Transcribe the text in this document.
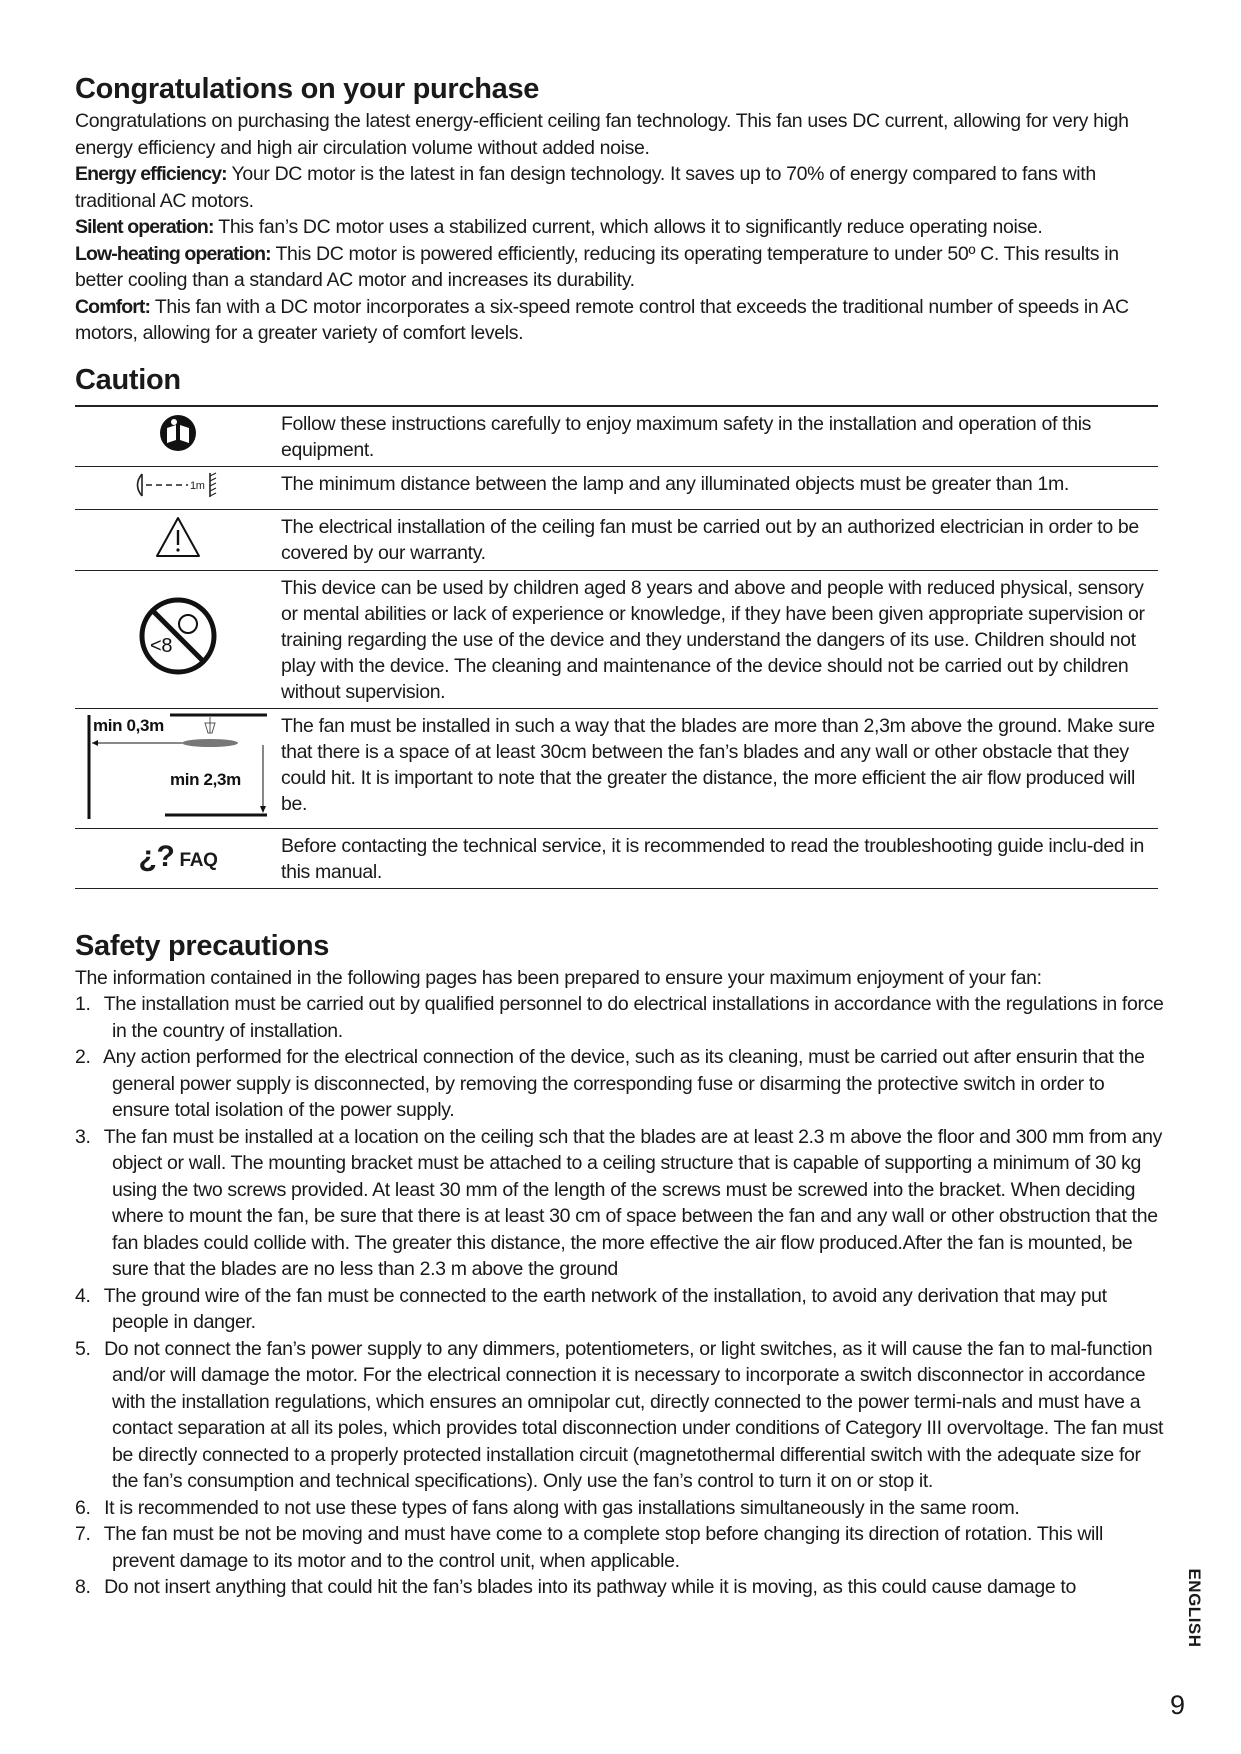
Congratulations on your purchase

Congratulations on purchasing the latest energy-efficient ceiling fan technology. This fan uses DC current, allowing for very high energy efficiency and high air circulation volume without added noise.

Energy efficiency: Your DC motor is the latest in fan design technology. It saves up to 70% of energy compared to fans with traditional AC motors.

Silent operation: This fan’s DC motor uses a stabilized current, which allows it to significantly reduce operating noise.

Low-heating operation: This DC motor is powered efficiently, reducing its operating temperature to under 50º C. This results in better cooling than a standard AC motor and increases its durability.

Comfort: This fan with a DC motor incorporates a six-speed remote control that exceeds the traditional number of speeds in AC motors, allowing for a greater variety of comfort levels.

Caution
	Follow these instructions carefully to enjoy maximum safety in the installation and operation of this equipment.

1m	The minimum distance between the lamp and any illuminated objects must be greater than 1m.
	The electrical installation of the ceiling fan must be carried out by an authorized electrician in order to be covered by our warranty.

<8	This device can be used by children aged 8 years and above and people with reduced physical, sensory or mental abilities or lack of experience or knowledge, if they have been given appropriate supervision or training regarding the use of the device and they understand the dangers of its use. Children should not play with the device. The cleaning and maintenance of the device should not be carried out by children without supervision.

min 0,3m
min 2,3m	The fan must be installed in such a way that the blades are more than 2,3m above the ground. Make sure that there is a space of at least 30cm between the fan’s blades and any wall or other obstacle that they could hit. It is important to note that the greater the distance, the more efficient the air flow produced will be.
¿? FAQ	Before contacting the technical service, it is recommended to read the troubleshooting guide inclu-ded in this manual.
Safety precautions

The information contained in the following pages has been prepared to ensure your maximum enjoyment of your fan:

1. The installation must be carried out by qualified personnel to do electrical installations in accordance with the regulations in force in the country of installation.
2. Any action performed for the electrical connection of the device, such as its cleaning, must be carried out after ensurin that the general power supply is disconnected, by removing the corresponding fuse or disarming the protective switch in order to ensure total isolation of the power supply.
3. The fan must be installed at a location on the ceiling sch that the blades are at least 2.3 m above the floor and 300 mm from any object or wall. The mounting bracket must be attached to a ceiling structure that is capable of supporting a minimum of 30 kg using the two screws provided. At least 30 mm of the length of the screws must be screwed into the bracket. When deciding where to mount the fan, be sure that there is at least 30 cm of space between the fan and any wall or other obstruction that the fan blades could collide with. The greater this distance, the more effective the air flow produced.After the fan is mounted, be sure that the blades are no less than 2.3 m above the ground
4. The ground wire of the fan must be connected to the earth network of the installation, to avoid any derivation that may put people in danger.
5. Do not connect the fan’s power supply to any dimmers, potentiometers, or light switches, as it will cause the fan to mal-function and/or will damage the motor. For the electrical connection it is necessary to incorporate a switch disconnector in accordance with the installation regulations, which ensures an omnipolar cut, directly connected to the power termi-nals and must have a contact separation at all its poles, which provides total disconnection under conditions of Category III overvoltage. The fan must be directly connected to a properly protected installation circuit (magnetothermal differential switch with the adequate size for the fan’s consumption and technical specifications). Only use the fan’s control to turn it on or stop it.
6. It is recommended to not use these types of fans along with gas installations simultaneously in the same room.
7. The fan must be not be moving and must have come to a complete stop before changing its direction of rotation. This will prevent damage to its motor and to the control unit, when applicable.
8. Do not insert anything that could hit the fan’s blades into its pathway while it is moving, as this could cause damage to	ENGLISH
9
